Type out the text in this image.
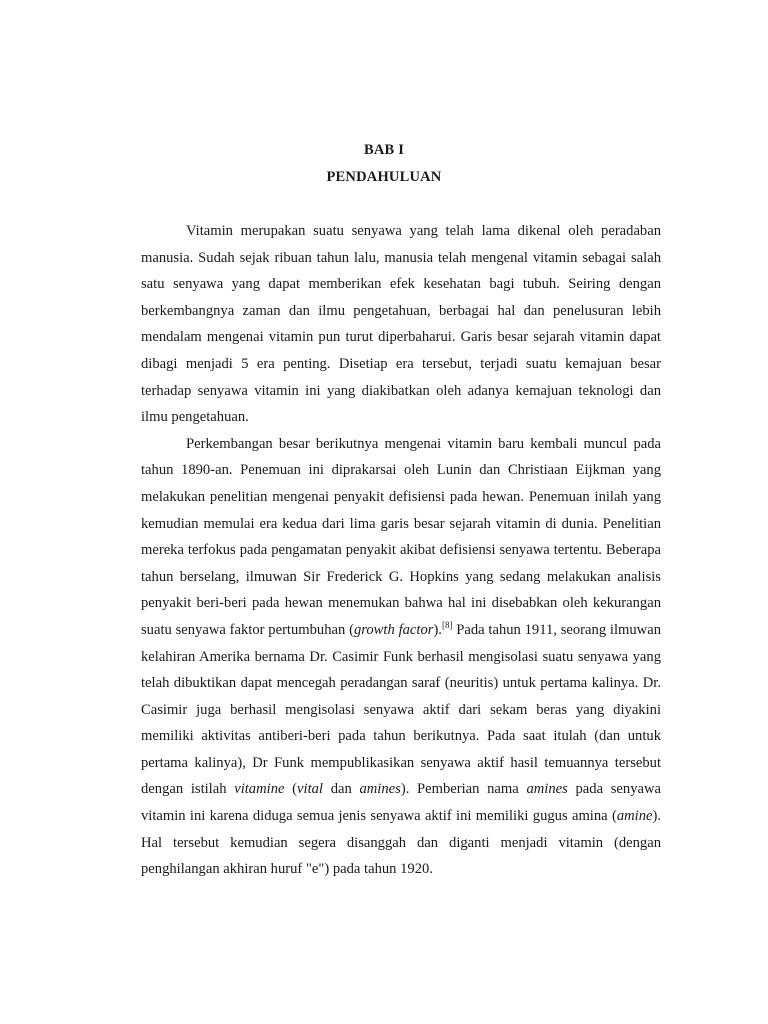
BAB I
PENDAHULUAN

Vitamin merupakan suatu senyawa yang telah lama dikenal oleh peradaban manusia. Sudah sejak ribuan tahun lalu, manusia telah mengenal vitamin sebagai salah satu senyawa yang dapat memberikan efek kesehatan bagi tubuh. Seiring dengan berkembangnya zaman dan ilmu pengetahuan, berbagai hal dan penelusuran lebih mendalam mengenai vitamin pun turut diperbaharui. Garis besar sejarah vitamin dapat dibagi menjadi 5 era penting. Disetiap era tersebut, terjadi suatu kemajuan besar terhadap senyawa vitamin ini yang diakibatkan oleh adanya kemajuan teknologi dan ilmu pengetahuan.

Perkembangan besar berikutnya mengenai vitamin baru kembali muncul pada tahun 1890-an. Penemuan ini diprakarsai oleh Lunin dan Christiaan Eijkman yang melakukan penelitian mengenai penyakit defisiensi pada hewan. Penemuan inilah yang kemudian memulai era kedua dari lima garis besar sejarah vitamin di dunia. Penelitian mereka terfokus pada pengamatan penyakit akibat defisiensi senyawa tertentu. Beberapa tahun berselang, ilmuwan Sir Frederick G. Hopkins yang sedang melakukan analisis penyakit beri-beri pada hewan menemukan bahwa hal ini disebabkan oleh kekurangan suatu senyawa faktor pertumbuhan (growth factor).[8] Pada tahun 1911, seorang ilmuwan kelahiran Amerika bernama Dr. Casimir Funk berhasil mengisolasi suatu senyawa yang telah dibuktikan dapat mencegah peradangan saraf (neuritis) untuk pertama kalinya. Dr. Casimir juga berhasil mengisolasi senyawa aktif dari sekam beras yang diyakini memiliki aktivitas antiberi-beri pada tahun berikutnya. Pada saat itulah (dan untuk pertama kalinya), Dr Funk mempublikasikan senyawa aktif hasil temuannya tersebut dengan istilah vitamine (vital dan amines). Pemberian nama amines pada senyawa vitamin ini karena diduga semua jenis senyawa aktif ini memiliki gugus amina (amine). Hal tersebut kemudian segera disanggah dan diganti menjadi vitamin (dengan penghilangan akhiran huruf "e") pada tahun 1920.
